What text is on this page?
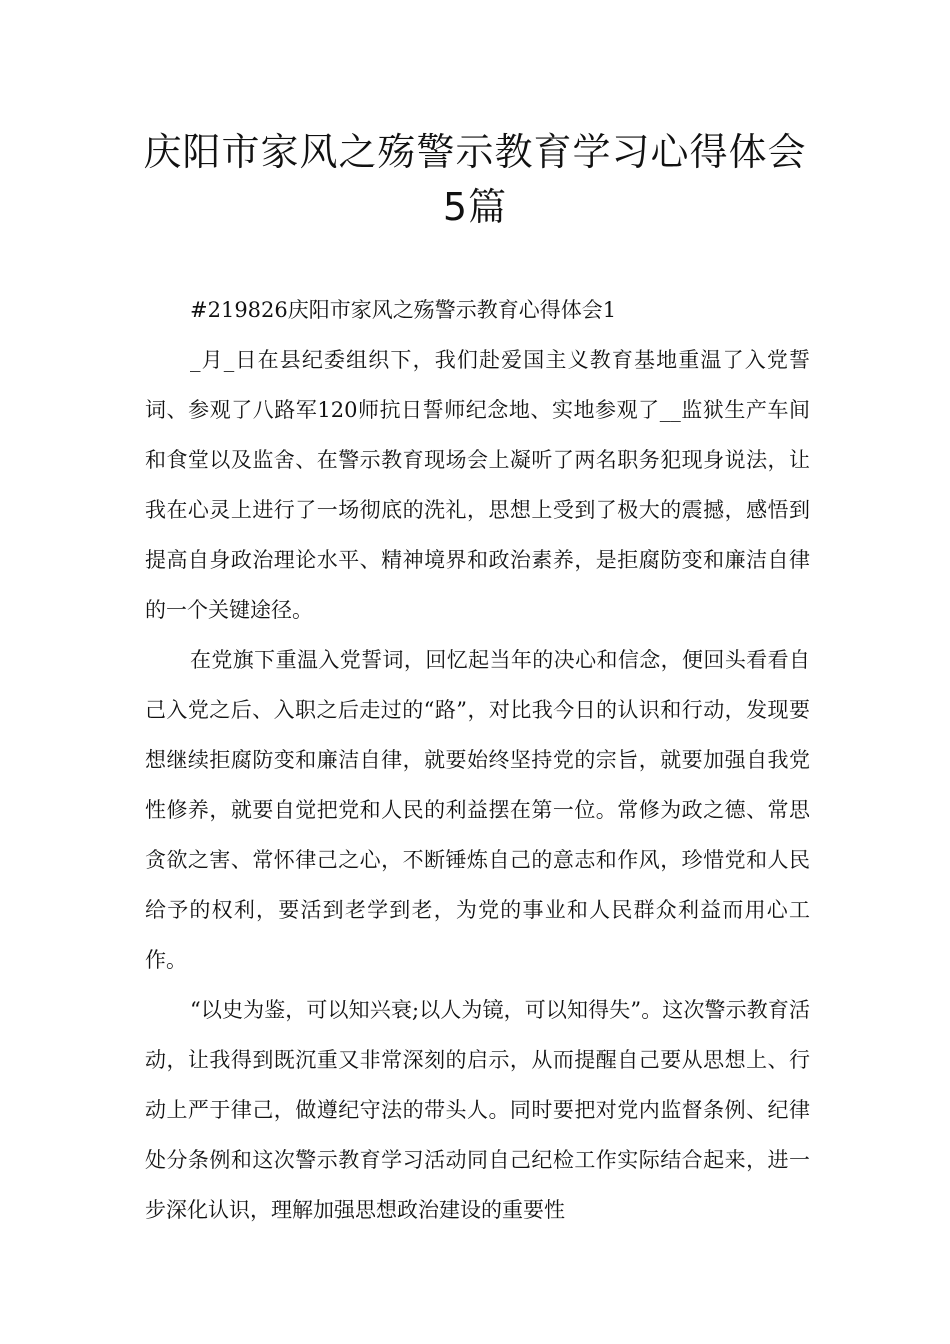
庆阳市家风之殇警示教育学习心得体会
5篇

#219826庆阳市家风之殇警示教育心得体会1

_月_日在县纪委组织下，我们赴爱国主义教育基地重温了入党誓词、参观了八路军120师抗日誓师纪念地、实地参观了__监狱生产车间和食堂以及监舍、在警示教育现场会上凝听了两名职务犯现身说法，让我在心灵上进行了一场彻底的洗礼，思想上受到了极大的震撼，感悟到提高自身政治理论水平、精神境界和政治素养，是拒腐防变和廉洁自律的一个关键途径。

在党旗下重温入党誓词，回忆起当年的决心和信念，便回头看看自己入党之后、入职之后走过的“路”，对比我今日的认识和行动，发现要想继续拒腐防变和廉洁自律，就要始终坚持党的宗旨，就要加强自我党性修养，就要自觉把党和人民的利益摆在第一位。常修为政之德、常思贪欲之害、常怀律己之心，不断锤炼自己的意志和作风，珍惜党和人民给予的权利，要活到老学到老，为党的事业和人民群众利益而用心工作。

“以史为鉴，可以知兴衰;以人为镜，可以知得失”。这次警示教育活动，让我得到既沉重又非常深刻的启示，从而提醒自己要从思想上、行动上严于律己，做遵纪守法的带头人。同时要把对党内监督条例、纪律处分条例和这次警示教育学习活动同自己纪检工作实际结合起来，进一步深化认识，理解加强思想政治建设的重要性
